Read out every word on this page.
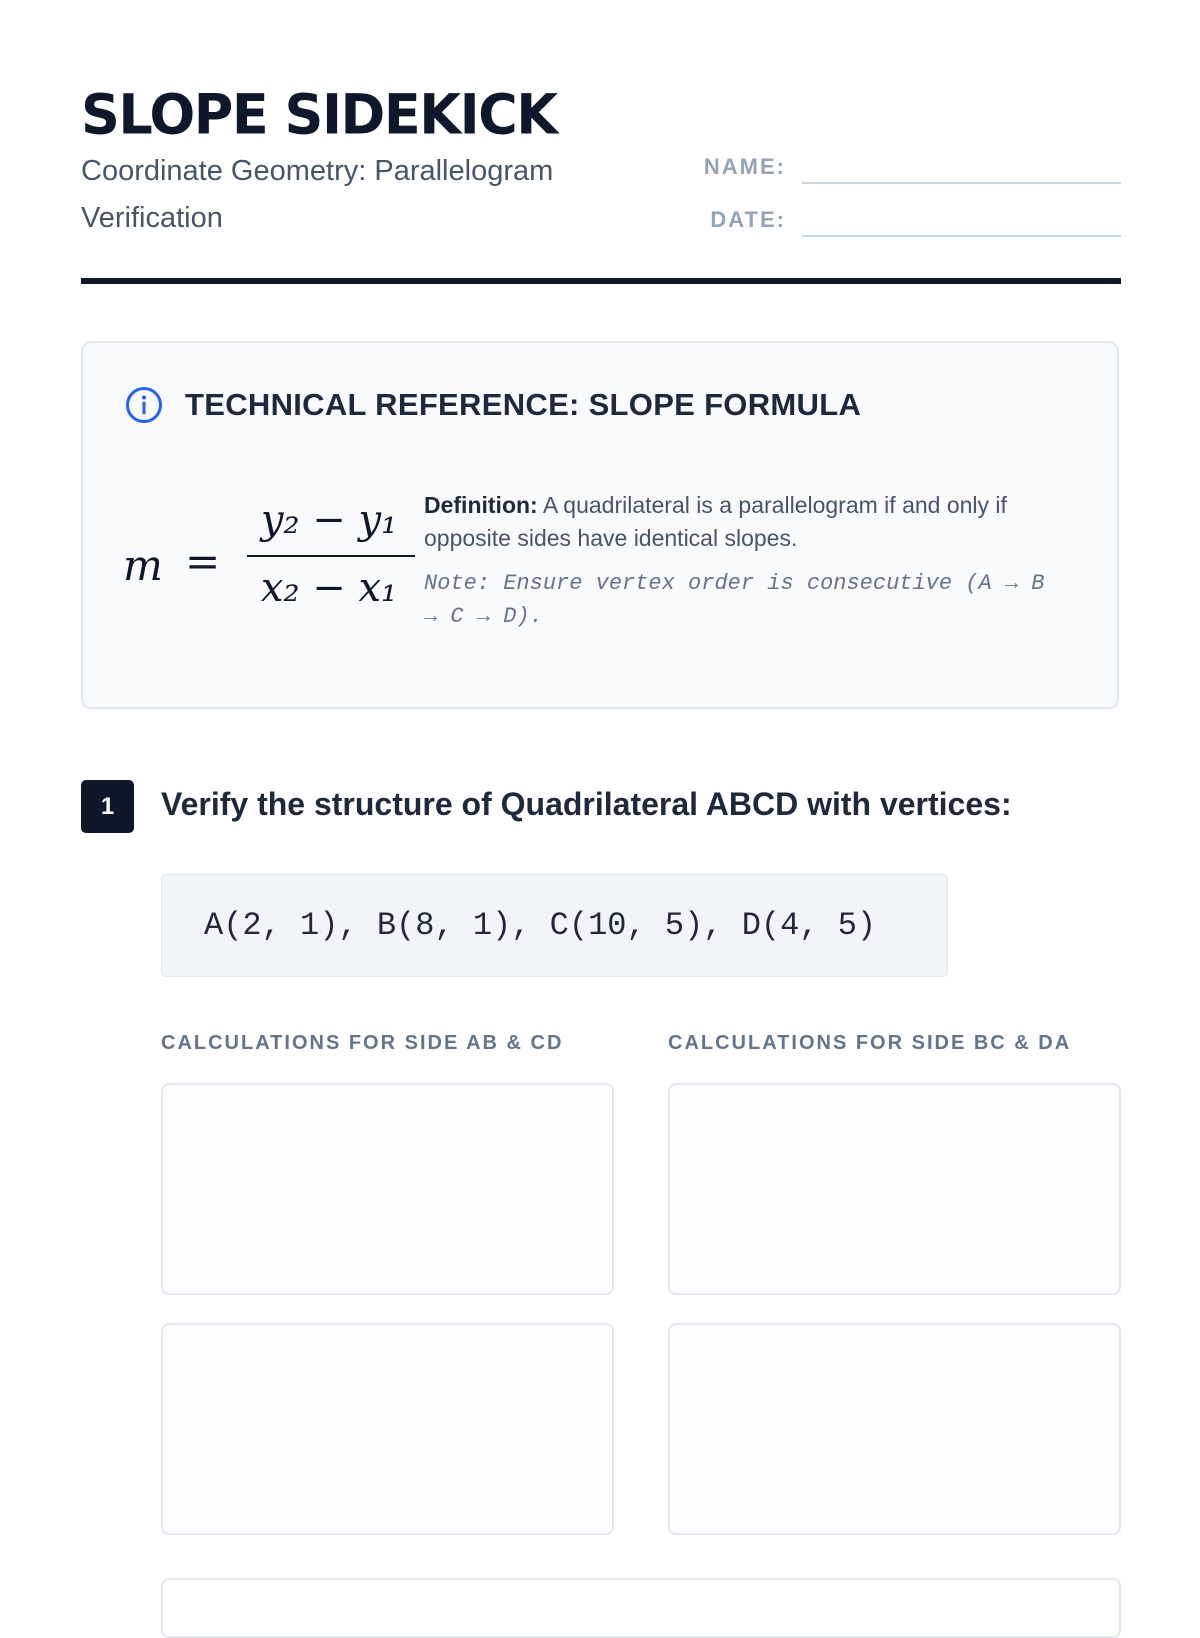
SLOPE SIDEKICK
Coordinate Geometry: Parallelogram Verification
NAME:
DATE:
TECHNICAL REFERENCE: SLOPE FORMULA
m =
y₂ − y₁
x₂ − x₁

Definition: A quadrilateral is a parallelogram if and only if opposite sides have identical slopes.

Note: Ensure vertex order is consecutive (A → B → C → D).

1	Verify the structure of Quadrilateral ABCD with vertices:
A(2, 1), B(8, 1), C(10, 5), D(4, 5)
CALCULATIONS FOR SIDE AB & CD	CALCULATIONS FOR SIDE BC & DA
